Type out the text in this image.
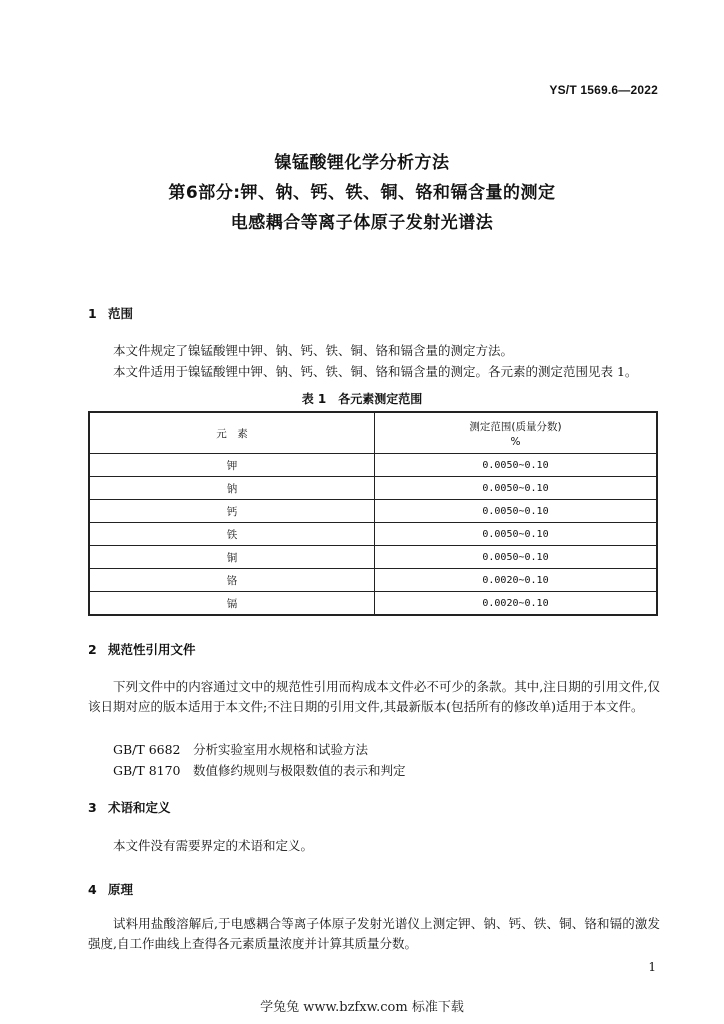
YS/T 1569.6—2022
镍锰酸锂化学分析方法
第6部分:钾、钠、钙、铁、铜、铬和镉含量的测定
电感耦合等离子体原子发射光谱法
1 范围
本文件规定了镍锰酸锂中钾、钠、钙、铁、铜、铬和镉含量的测定方法。
本文件适用于镍锰酸锂中钾、钠、钙、铁、铜、铬和镉含量的测定。各元素的测定范围见表 1。
表 1　各元素测定范围
元　素	测定范围(质量分数)
%

钾	0.0050~0.10
钠	0.0050~0.10
钙	0.0050~0.10
铁	0.0050~0.10
铜	0.0050~0.10
铬	0.0020~0.10
镉	0.0020~0.10
2 规范性引用文件
下列文件中的内容通过文中的规范性引用而构成本文件必不可少的条款。其中,注日期的引用文件,仅该日期对应的版本适用于本文件;不注日期的引用文件,其最新版本(包括所有的修改单)适用于本文件。
GB/T 6682 分析实验室用水规格和试验方法
GB/T 8170 数值修约规则与极限数值的表示和判定
3 术语和定义
本文件没有需要界定的术语和定义。
4 原理
试料用盐酸溶解后,于电感耦合等离子体原子发射光谱仪上测定钾、钠、钙、铁、铜、铬和镉的激发强度,自工作曲线上查得各元素质量浓度并计算其质量分数。
1
学兔兔 www.bzfxw.com 标准下载
